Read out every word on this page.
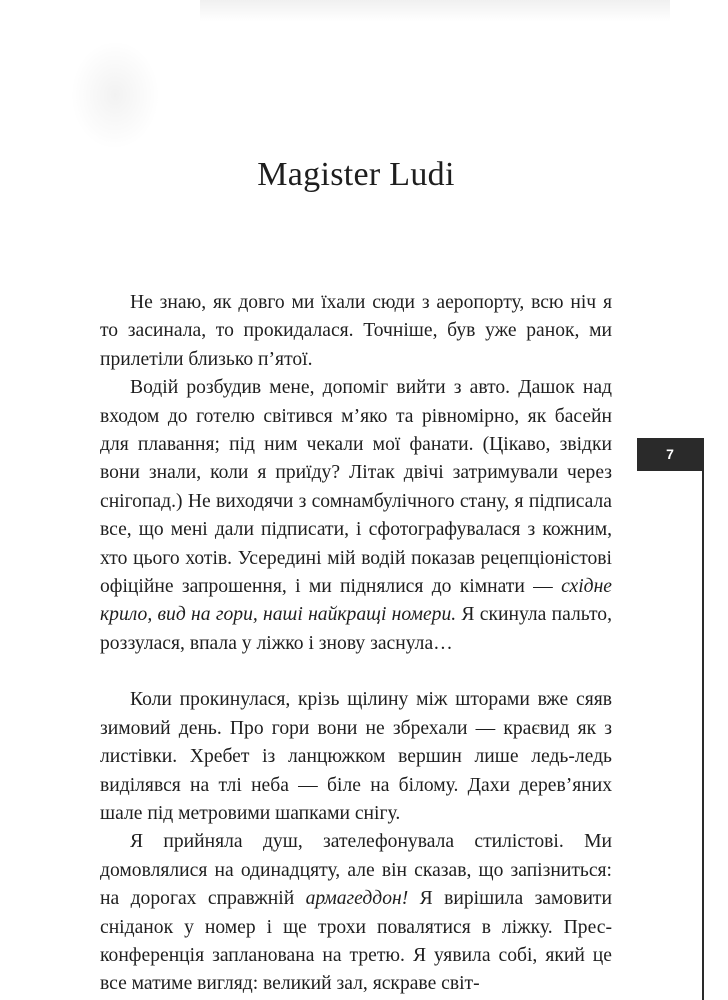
Magister Ludi

Не знаю, як довго ми їхали сюди з аеропорту, всю ніч я то засинала, то прокидалася. Точніше, був уже ранок, ми прилетіли близько п’ятої.

Водій розбудив мене, допоміг вийти з авто. Дашок над входом до готелю світився м’яко та рівномірно, як басейн для плавання; під ним чекали мої фанати. (Цікаво, звідки вони знали, коли я приїду? Літак двічі затримували через снігопад.) Не виходячи з сомнамбулічного стану, я підписала все, що мені дали підписати, і сфотографувалася з кожним, хто цього хотів. Усередині мій водій показав рецепціоністові офіційне запрошення, і ми піднялися до кімнати — східне крило, вид на гори, наші найкращі номери. Я скинула пальто, роззулася, впала у ліжко і знову заснула…

Коли прокинулася, крізь щілину між шторами вже сяяв зимовий день. Про гори вони не збрехали — краєвид як з листівки. Хребет із ланцюжком вершин лише ледь-ледь виділявся на тлі неба — біле на білому. Дахи дерев’яних шале під метровими шапками снігу.

Я прийняла душ, зателефонувала стилістові. Ми домовлялися на одинадцяту, але він сказав, що запізниться: на дорогах справжній армагеддон! Я вирішила замовити сніданок у номер і ще трохи повалятися в ліжку. Прес-конференція запланована на третю. Я уявила собі, який це все матиме вигляд: великий зал, яскраве світ-

7
